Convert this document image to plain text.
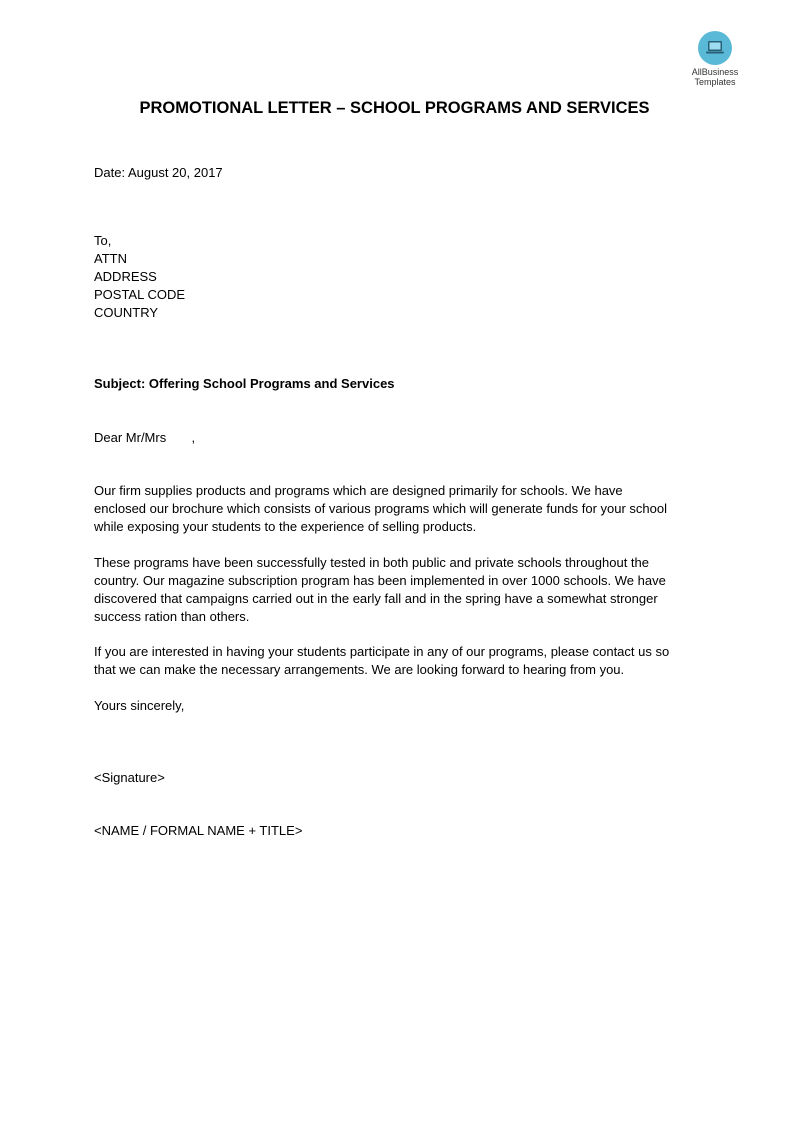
AllBusiness
Templates
PROMOTIONAL LETTER – SCHOOL PROGRAMS AND SERVICES
Date: August 20, 2017
To,
ATTN
ADDRESS
POSTAL CODE
COUNTRY
Subject: Offering School Programs and Services
Dear Mr/Mrs       ,
Our firm supplies products and programs which are designed primarily for schools. We have
enclosed our brochure which consists of various programs which will generate funds for your school
while exposing your students to the experience of selling products.
These programs have been successfully tested in both public and private schools throughout the
country. Our magazine subscription program has been implemented in over 1000 schools. We have
discovered that campaigns carried out in the early fall and in the spring have a somewhat stronger
success ration than others.
If you are interested in having your students participate in any of our programs, please contact us so
that we can make the necessary arrangements. We are looking forward to hearing from you.
Yours sincerely,
<Signature>
<NAME / FORMAL NAME + TITLE>
